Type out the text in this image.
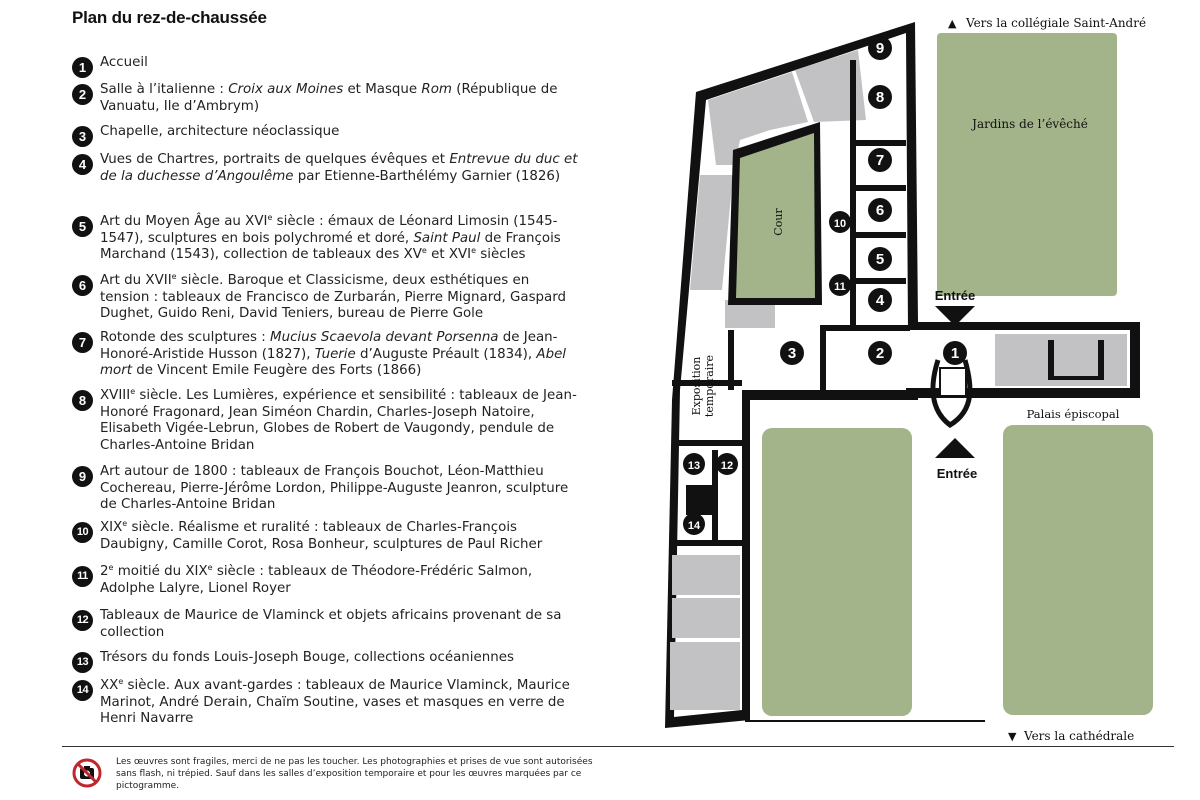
Plan du rez-de-chaussée
1	Accueil
2	Salle à l’italienne : Croix aux Moines et Masque Rom (République de Vanuatu, Ile d’Ambrym)
3	Chapelle, architecture néoclassique
4	Vues de Chartres, portraits de quelques évêques et Entrevue du duc et de la duchesse d’Angoulême par Etienne-Barthélémy Garnier (1826)
5	Art du Moyen Âge au XVIe siècle : émaux de Léonard Limosin (1545-1547), sculptures en bois polychromé et doré, Saint Paul de François Marchand (1543), collection de tableaux des XVe et XVIe siècles
6	Art du XVIIe siècle. Baroque et Classicisme, deux esthétiques en tension : tableaux de Francisco de Zurbarán, Pierre Mignard, Gaspard Dughet, Guido Reni, David Teniers, bureau de Pierre Gole
7	Rotonde des sculptures : Mucius Scaevola devant Porsenna de Jean-Honoré-Aristide Husson (1827), Tuerie d’Auguste Préault (1834), Abel mort de Vincent Emile Feugère des Forts (1866)
8	XVIIIe siècle. Les Lumières, expérience et sensibilité : tableaux de Jean-Honoré Fragonard, Jean Siméon Chardin, Charles-Joseph Natoire, Elisabeth Vigée-Lebrun, Globes de Robert de Vaugondy, pendule de Charles-Antoine Bridan
9	Art autour de 1800 : tableaux de François Bouchot, Léon-Matthieu Cochereau, Pierre-Jérôme Lordon, Philippe-Auguste Jeanron, sculpture de Charles-Antoine Bridan
10 XIXe siècle. Réalisme et ruralité : tableaux de Charles-François Daubigny, Camille Corot, Rosa Bonheur, sculptures de Paul Richer
11 2e moitié du XIXe siècle : tableaux de Théodore-Frédéric Salmon, Adolphe Lalyre, Lionel Royer
12 Tableaux de Maurice de Vlaminck et objets africains provenant de sa collection
13 Trésors du fonds Louis-Joseph Bouge, collections océaniennes
14 XXe siècle. Aux avant-gardes : tableaux de Maurice Vlaminck, Maurice Marinot, André Derain, Chaïm Soutine, vases et masques en verre de Henri Navarre
1
2
3
4
5
6
7
8
9
10
11
12
13
14
▲ Vers la collégiale Saint-André
▼ Vers la cathédrale
Jardins de l’évêché
Cour
Palais épiscopal
Entrée
Entrée
Exposition temporaire
Les œuvres sont fragiles, merci de ne pas les toucher. Les photographies et prises de vue sont autorisées sans flash, ni trépied. Sauf dans les salles d’exposition temporaire et pour les œuvres marquées par ce pictogramme.
